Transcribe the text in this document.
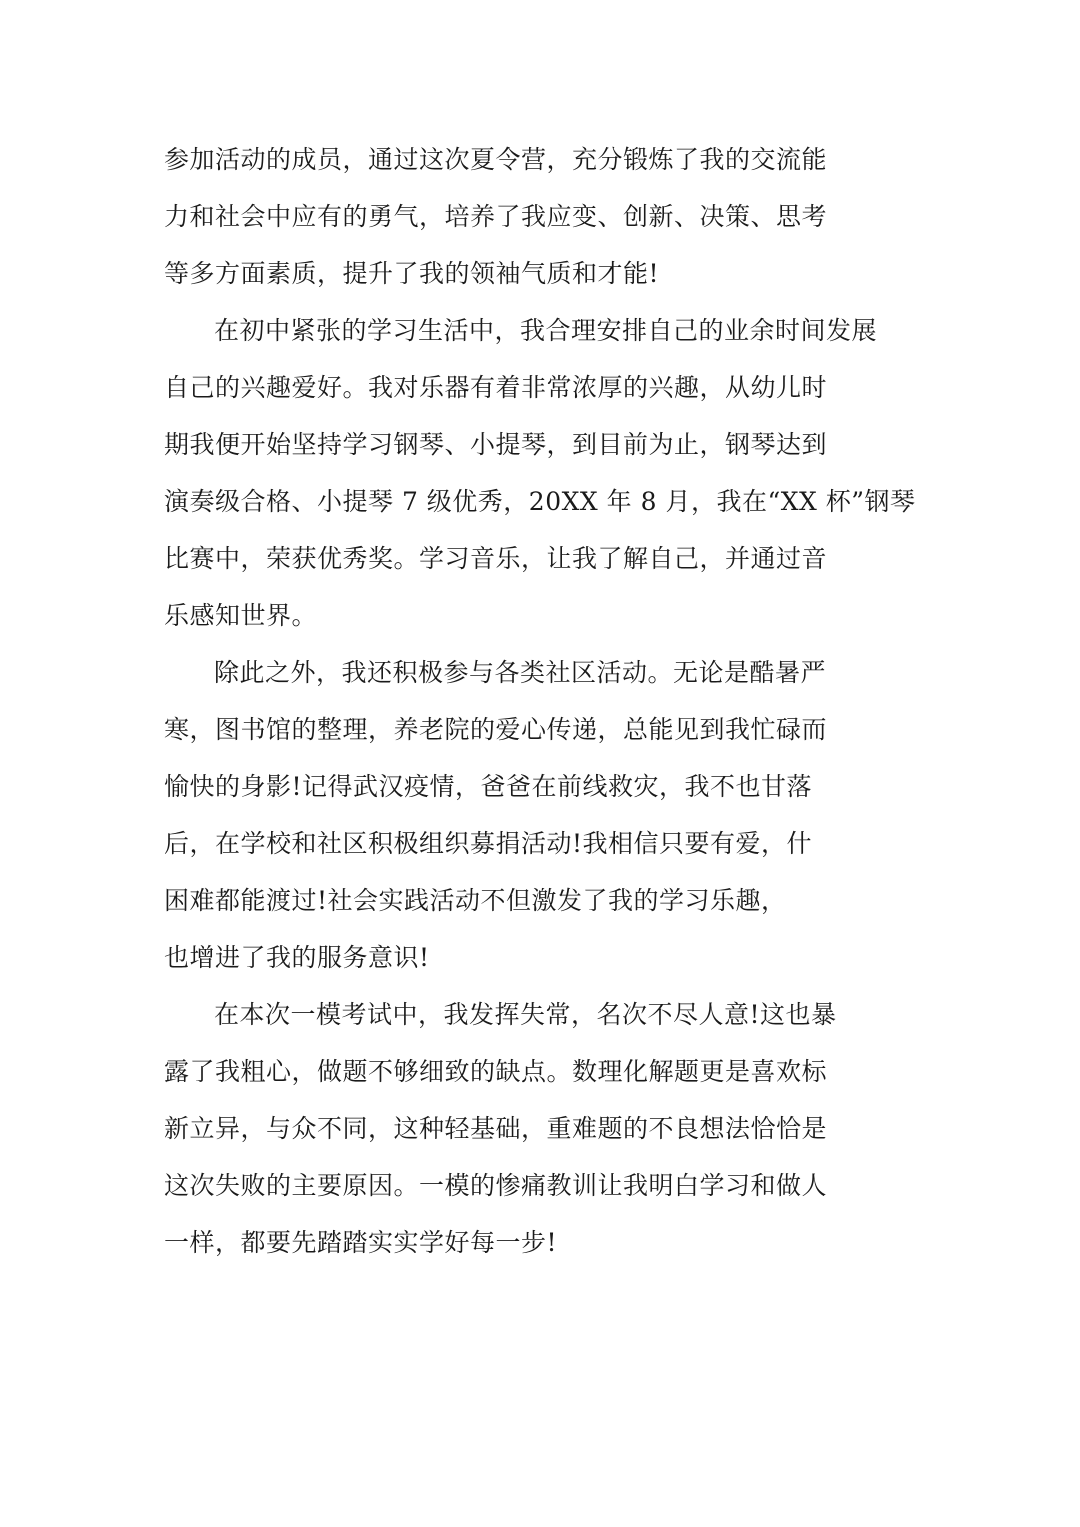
参加活动的成员，通过这次夏令营，充分锻炼了我的交流能
力和社会中应有的勇气，培养了我应变、创新、决策、思考
等多方面素质，提升了我的领袖气质和才能!
在初中紧张的学习生活中，我合理安排自己的业余时间发展
自己的兴趣爱好。我对乐器有着非常浓厚的兴趣，从幼儿时
期我便开始坚持学习钢琴、小提琴，到目前为止，钢琴达到
演奏级合格、小提琴 7 级优秀，20XX 年 8 月，我在“XX 杯”钢琴
比赛中，荣获优秀奖。学习音乐，让我了解自己，并通过音
乐感知世界。
除此之外，我还积极参与各类社区活动。无论是酷暑严
寒，图书馆的整理，养老院的爱心传递，总能见到我忙碌而
愉快的身影!记得武汉疫情，爸爸在前线救灾，我不也甘落
后，在学校和社区积极组织募捐活动!我相信只要有爱，什
困难都能渡过!社会实践活动不但激发了我的学习乐趣，
也增进了我的服务意识!
在本次一模考试中，我发挥失常，名次不尽人意!这也暴
露了我粗心，做题不够细致的缺点。数理化解题更是喜欢标
新立异，与众不同，这种轻基础，重难题的不良想法恰恰是
这次失败的主要原因。一模的惨痛教训让我明白学习和做人
一样，都要先踏踏实实学好每一步!
